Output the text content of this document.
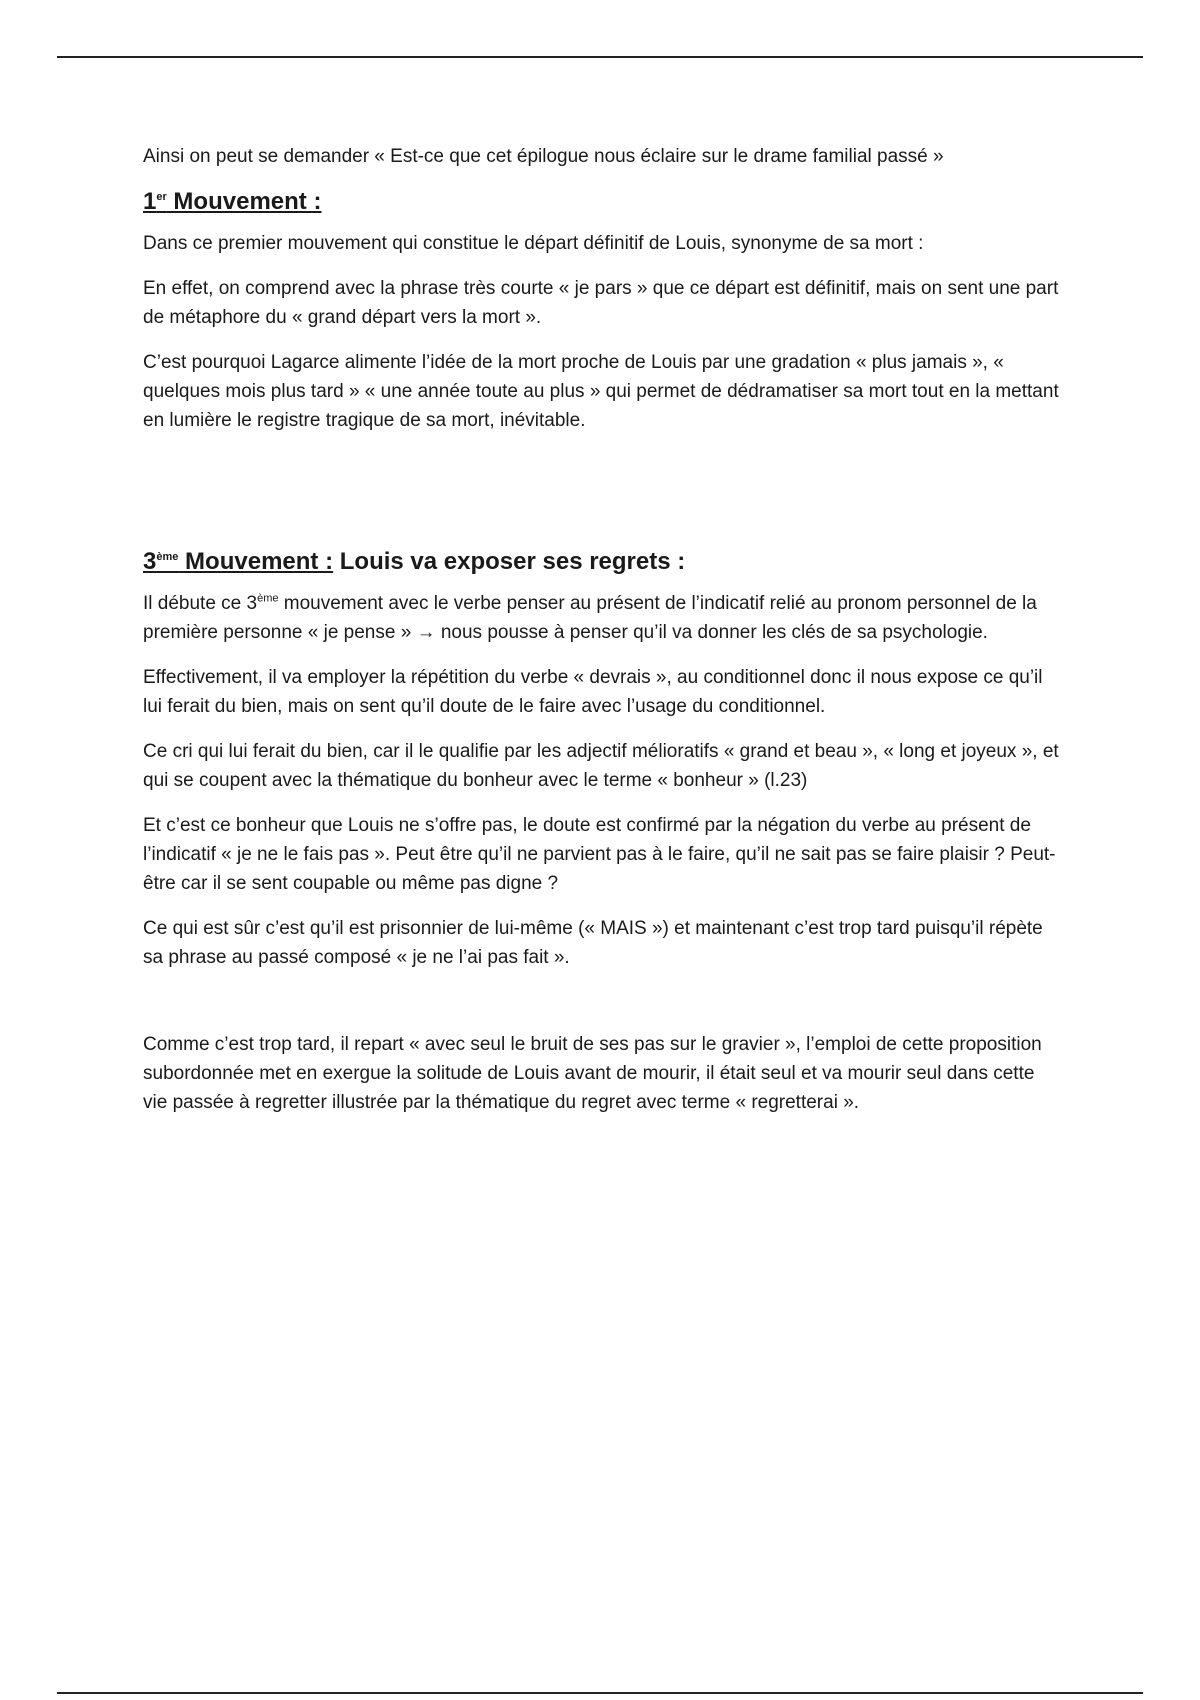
Ainsi on peut se demander « Est-ce que cet épilogue nous éclaire sur le drame familial passé »

1er Mouvement :

Dans ce premier mouvement qui constitue le départ définitif de Louis, synonyme de sa mort :

En effet, on comprend avec la phrase très courte « je pars » que ce départ est définitif, mais on sent une part de métaphore du « grand départ vers la mort ».

C’est pourquoi Lagarce alimente l’idée de la mort proche de Louis par une gradation « plus jamais », « quelques mois plus tard » « une année toute au plus » qui permet de dédramatiser sa mort tout en la mettant en lumière le registre tragique de sa mort, inévitable.

3ème Mouvement : Louis va exposer ses regrets :

Il débute ce 3ème mouvement avec le verbe penser au présent de l’indicatif relié au pronom personnel de la première personne « je pense » → nous pousse à penser qu’il va donner les clés de sa psychologie.

Effectivement, il va employer la répétition du verbe « devrais », au conditionnel donc il nous expose ce qu’il lui ferait du bien, mais on sent qu’il doute de le faire avec l’usage du conditionnel.

Ce cri qui lui ferait du bien, car il le qualifie par les adjectif mélioratifs « grand et beau », « long et joyeux », et qui se coupent avec la thématique du bonheur avec le terme « bonheur » (l.23)

Et c’est ce bonheur que Louis ne s’offre pas, le doute est confirmé par la négation du verbe au présent de l’indicatif « je ne le fais pas ». Peut être qu’il ne parvient pas à le faire, qu’il ne sait pas se faire plaisir ? Peut-être car il se sent coupable ou même pas digne ?

Ce qui est sûr c’est qu’il est prisonnier de lui-même (« MAIS ») et maintenant c’est trop tard puisqu’il répète sa phrase au passé composé « je ne l’ai pas fait ».

Comme c’est trop tard, il repart « avec seul le bruit de ses pas sur le gravier », l’emploi de cette proposition subordonnée met en exergue la solitude de Louis avant de mourir, il était seul et va mourir seul dans cette vie passée à regretter illustrée par la thématique du regret avec terme « regretterai ».
